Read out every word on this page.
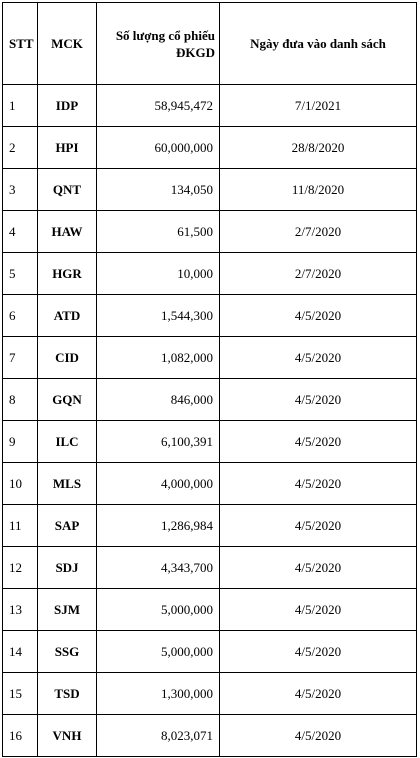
STT	MCK	Số lượng cổ phiếu ĐKGD	Ngày đưa vào danh sách
1	IDP	58,945,472	7/1/2021
2	HPI	60,000,000	28/8/2020
3	QNT	134,050	11/8/2020
4	HAW	61,500	2/7/2020
5	HGR	10,000	2/7/2020
6	ATD	1,544,300	4/5/2020
7	CID	1,082,000	4/5/2020
8	GQN	846,000	4/5/2020
9	ILC	6,100,391	4/5/2020
10	MLS	4,000,000	4/5/2020
11	SAP	1,286,984	4/5/2020
12	SDJ	4,343,700	4/5/2020
13	SJM	5,000,000	4/5/2020
14	SSG	5,000,000	4/5/2020
15	TSD	1,300,000	4/5/2020
16	VNH	8,023,071	4/5/2020
